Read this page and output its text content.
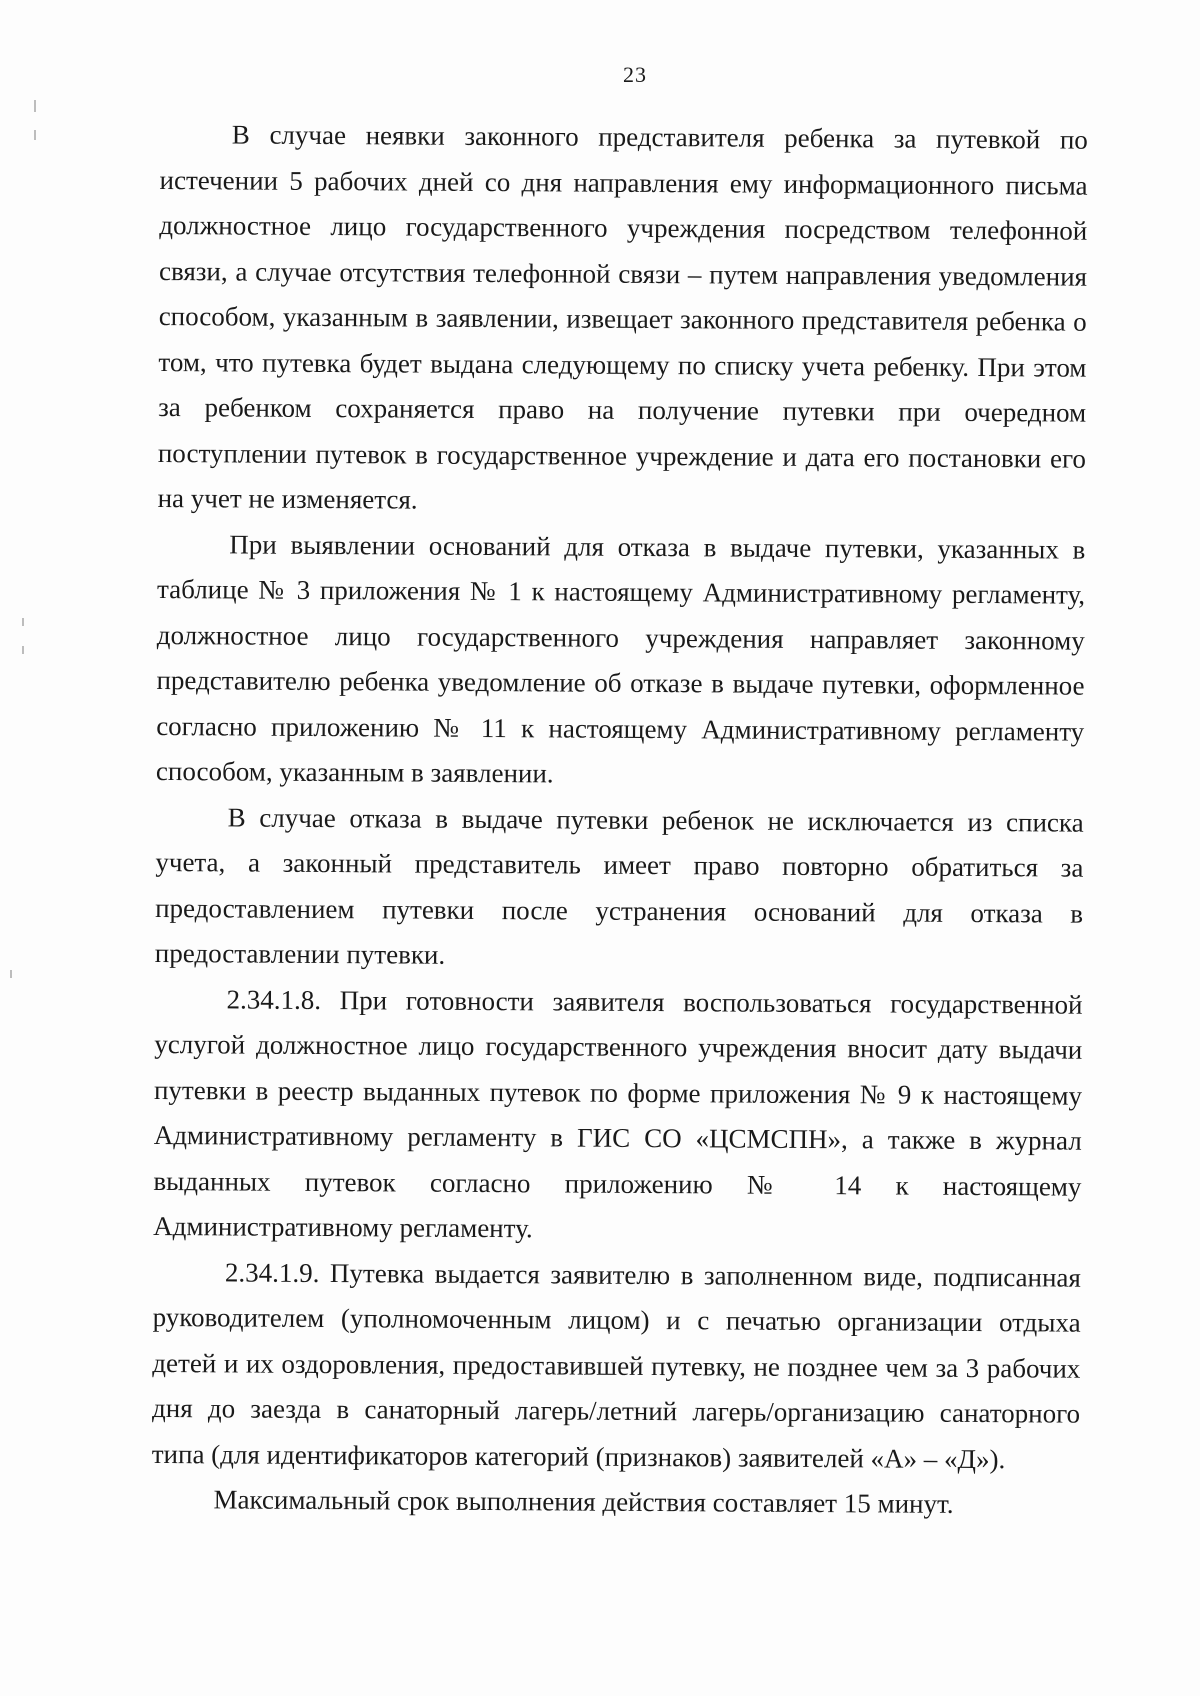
23

В случае неявки законного представителя ребенка за путевкой по истечении 5 рабочих дней со дня направления ему информационного письма должностное лицо государственного учреждения посредством телефонной связи, а случае отсутствия телефонной связи – путем направления уведомления способом, указанным в заявлении, извещает законного представителя ребенка о том, что путевка будет выдана следующему по списку учета ребенку. При этом за ребенком сохраняется право на получение путевки при очередном поступлении путевок в государственное учреждение и дата его постановки его на учет не изменяется.

При выявлении оснований для отказа в выдаче путевки, указанных в таблице № 3 приложения № 1 к настоящему Административному регламенту, должностное лицо государственного учреждения направляет законному представителю ребенка уведомление об отказе в выдаче путевки, оформленное согласно приложению № 11 к настоящему Административному регламенту способом, указанным в заявлении.

В случае отказа в выдаче путевки ребенок не исключается из списка учета, а законный представитель имеет право повторно обратиться за предоставлением путевки после устранения оснований для отказа в предоставлении путевки.

2.34.1.8. При готовности заявителя воспользоваться государственной услугой должностное лицо государственного учреждения вносит дату выдачи путевки в реестр выданных путевок по форме приложения № 9 к настоящему Административному регламенту в ГИС СО «ЦСМСПН», а также в журнал выданных путевок согласно приложению № 14 к настоящему Административному регламенту.

2.34.1.9. Путевка выдается заявителю в заполненном виде, подписанная руководителем (уполномоченным лицом) и с печатью организации отдыха детей и их оздоровления, предоставившей путевку, не позднее чем за 3 рабочих дня до заезда в санаторный лагерь/летний лагерь/организацию санаторного типа (для идентификаторов категорий (признаков) заявителей «А» – «Д»).

Максимальный срок выполнения действия составляет 15 минут.
